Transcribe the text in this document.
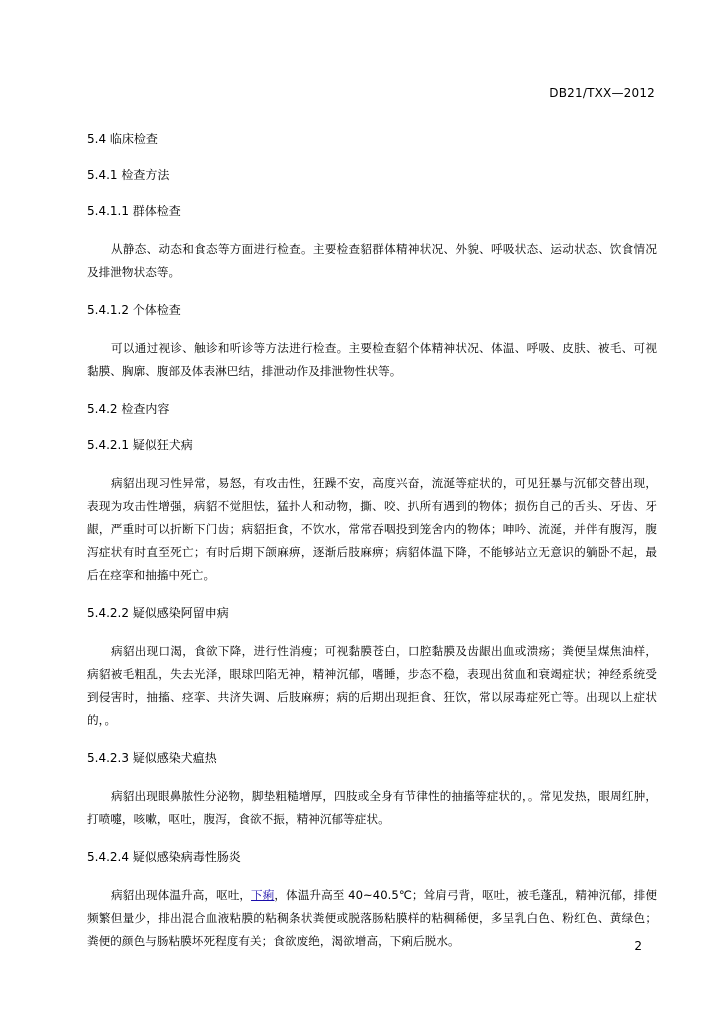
DB21/TXX—2012

5.4 临床检查

5.4.1 检查方法

5.4.1.1 群体检查

从静态、动态和食态等方面进行检查。主要检查貂群体精神状况、外貌、呼吸状态、运动状态、饮食情况及排泄物状态等。

5.4.1.2 个体检查

可以通过视诊、触诊和听诊等方法进行检查。主要检查貂个体精神状况、体温、呼吸、皮肤、被毛、可视黏膜、胸廓、腹部及体表淋巴结，排泄动作及排泄物性状等。

5.4.2 检查内容

5.4.2.1 疑似狂犬病

病貂出现习性异常，易怒，有攻击性，狂躁不安，高度兴奋，流涎等症状的，可见狂暴与沉郁交替出现，表现为攻击性增强，病貂不觉胆怯，猛扑人和动物，撕、咬、扒所有遇到的物体；损伤自己的舌头、牙齿、牙龈，严重时可以折断下门齿；病貂拒食，不饮水，常常吞咽投到笼舍内的物体；呻吟、流涎，并伴有腹泻，腹泻症状有时直至死亡；有时后期下颌麻痹，逐渐后肢麻痹；病貂体温下降，不能够站立无意识的躺卧不起，最后在痉挛和抽搐中死亡。

5.4.2.2 疑似感染阿留申病

病貂出现口渴，食欲下降，进行性消瘦；可视黏膜苍白，口腔黏膜及齿龈出血或溃疡；粪便呈煤焦油样，病貂被毛粗乱，失去光泽，眼球凹陷无神，精神沉郁，嗜睡，步态不稳，表现出贫血和衰竭症状；神经系统受到侵害时，抽搐、痉挛、共济失调、后肢麻痹；病的后期出现拒食、狂饮，常以尿毒症死亡等。出现以上症状的，。

5.4.2.3 疑似感染犬瘟热

病貂出现眼鼻脓性分泌物，脚垫粗糙增厚，四肢或全身有节律性的抽搐等症状的，。常见发热，眼周红肿，打喷嚏，咳嗽，呕吐，腹泻，食欲不振，精神沉郁等症状。

5.4.2.4 疑似感染病毒性肠炎

病貂出现体温升高，呕吐，下痢，体温升高至 40~40.5℃；耸肩弓背，呕吐，被毛蓬乱，精神沉郁，排便频繁但量少，排出混合血液粘膜的粘稠条状粪便或脱落肠粘膜样的粘稠稀便，多呈乳白色、粉红色、黄绿色；粪便的颜色与肠粘膜坏死程度有关；食欲废绝，渴欲增高，下痢后脱水。	2
